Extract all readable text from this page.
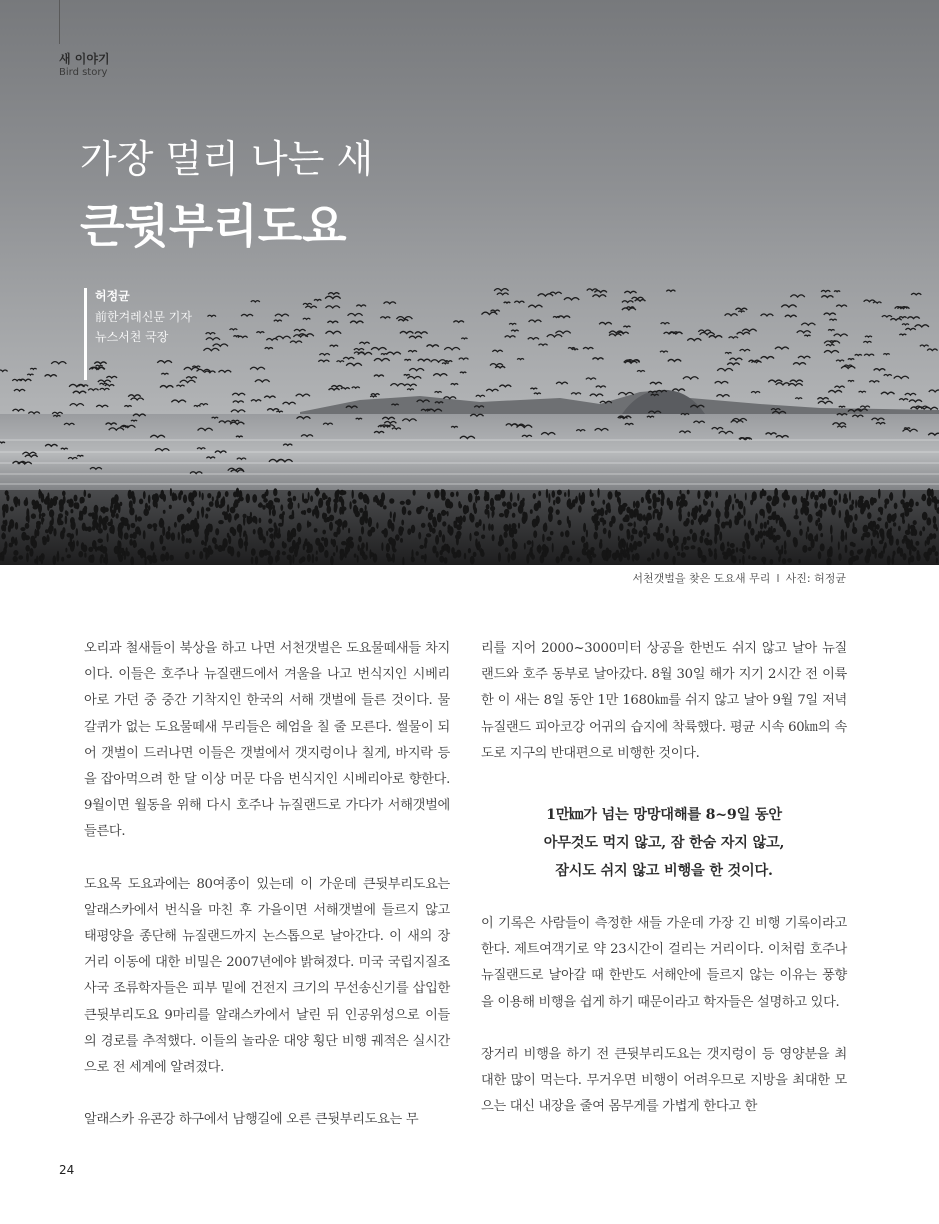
새 이야기
Bird story
가장 멀리 나는 새
큰뒷부리도요
허정균
前한겨레신문 기자
뉴스서천 국장
서천갯벌을 찾은 도요새 무리 I 사진: 허정균

오리과 철새들이 북상을 하고 나면 서천갯벌은 도요물떼새들 차지이다. 이들은 호주나 뉴질랜드에서 겨울을 나고 번식지인 시베리아로 가던 중 중간 기착지인 한국의 서해 갯벌에 들른 것이다. 물갈퀴가 없는 도요물떼새 무리들은 헤엄을 칠 줄 모른다. 썰물이 되어 갯벌이 드러나면 이들은 갯벌에서 갯지렁이나 칠게, 바지락 등을 잡아먹으려 한 달 이상 머문 다음 번식지인 시베리아로 향한다. 9월이면 월동을 위해 다시 호주나 뉴질랜드로 가다가 서해갯벌에 들른다.

도요목 도요과에는 80여종이 있는데 이 가운데 큰뒷부리도요는 알래스카에서 번식을 마친 후 가을이면 서해갯벌에 들르지 않고 태평양을 종단해 뉴질랜드까지 논스톱으로 날아간다. 이 새의 장거리 이동에 대한 비밀은 2007년에야 밝혀졌다. 미국 국립지질조사국 조류학자들은 피부 밑에 건전지 크기의 무선송신기를 삽입한 큰뒷부리도요 9마리를 알래스카에서 날린 뒤 인공위성으로 이들의 경로를 추적했다. 이들의 놀라운 대양 횡단 비행 궤적은 실시간으로 전 세계에 알려졌다.

알래스카 유콘강 하구에서 남행길에 오른 큰뒷부리도요는 무

리를 지어 2000~3000미터 상공을 한번도 쉬지 않고 날아 뉴질랜드와 호주 동부로 날아갔다. 8월 30일 해가 지기 2시간 전 이륙한 이 새는 8일 동안 1만 1680㎞를 쉬지 않고 날아 9월 7일 저녁 뉴질랜드 피아코강 어귀의 습지에 착륙했다. 평균 시속 60㎞의 속도로 지구의 반대편으로 비행한 것이다.

1만㎞가 넘는 망망대해를 8~9일 동안
아무것도 먹지 않고, 잠 한숨 자지 않고,
잠시도 쉬지 않고 비행을 한 것이다.

이 기록은 사람들이 측정한 새들 가운데 가장 긴 비행 기록이라고 한다. 제트여객기로 약 23시간이 걸리는 거리이다. 이처럼 호주나 뉴질랜드로 날아갈 때 한반도 서해안에 들르지 않는 이유는 풍향을 이용해 비행을 쉽게 하기 때문이라고 학자들은 설명하고 있다.

장거리 비행을 하기 전 큰뒷부리도요는 갯지렁이 등 영양분을 최대한 많이 먹는다. 무거우면 비행이 어려우므로 지방을 최대한 모으는 대신 내장을 줄여 몸무게를 가볍게 한다고 한

24
